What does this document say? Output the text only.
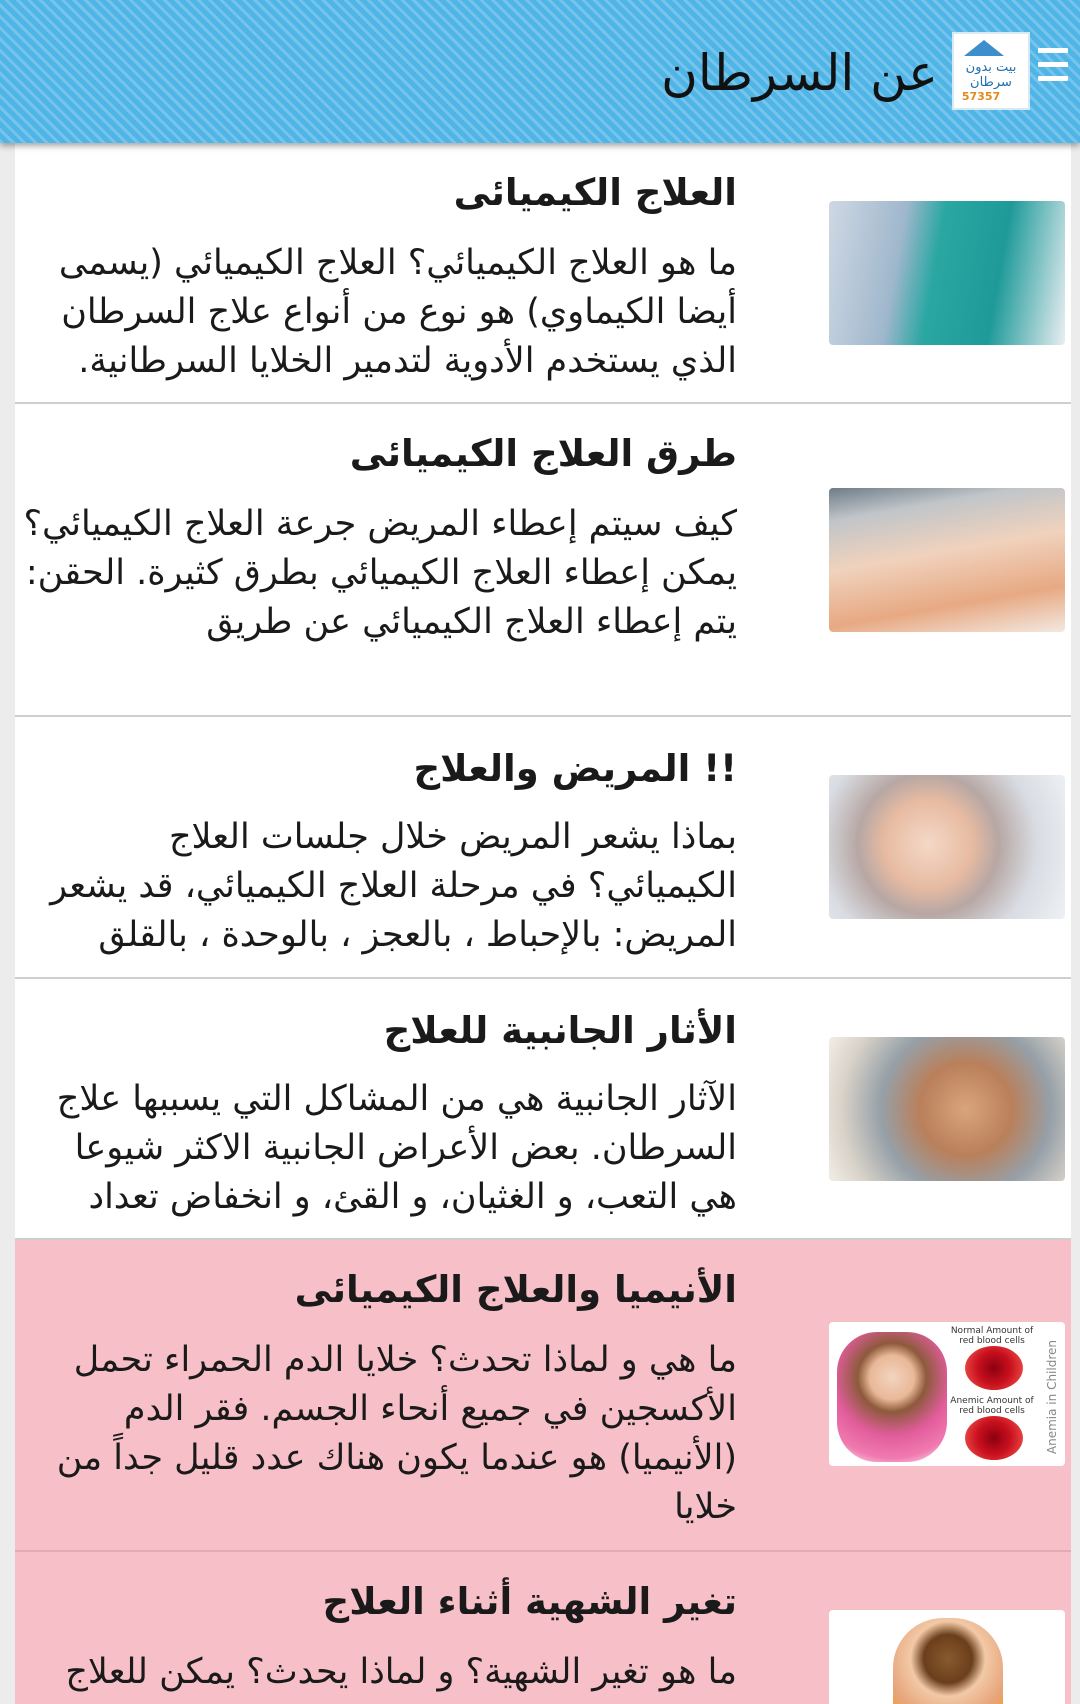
بيت بدون سرطان
57357
عن السرطان
العلاج الكيميائى
ما هو العلاج الكيميائي؟ العلاج الكيميائي (يسمى أيضا الكيماوي) هو نوع من أنواع علاج السرطان الذي يستخدم الأدوية لتدمير الخلايا السرطانية.
طرق العلاج الكيميائى
كيف سيتم إعطاء المريض جرعة العلاج الكيميائي؟ يمكن إعطاء العلاج الكيميائي بطرق كثيرة. الحقن: يتم إعطاء العلاج الكيميائي عن طريق
!! المريض والعلاج
بماذا يشعر المريض خلال جلسات العلاج الكيميائي؟ في مرحلة العلاج الكيميائي، قد يشعر المريض: بالإحباط ، بالعجز ، بالوحدة ، بالقلق
الأثار الجانبية للعلاج
الآثار الجانبية هي من المشاكل التي يسببها علاج السرطان. بعض الأعراض الجانبية الاكثر شيوعا هي التعب، و الغثيان، و القئ، و انخفاض تعداد
Normal Amount of red blood cells
Anemic Amount of red blood cells	Anemia in Children
الأنيميا والعلاج الكيميائى
ما هي و لماذا تحدث؟ خلايا الدم الحمراء تحمل الأكسجين في جميع أنحاء الجسم. فقر الدم (الأنيميا) هو عندما يكون هناك عدد قليل جداً من خلايا
تغير الشهية أثناء العلاج
ما هو تغير الشهية؟ و لماذا يحدث؟ يمكن للعلاج
